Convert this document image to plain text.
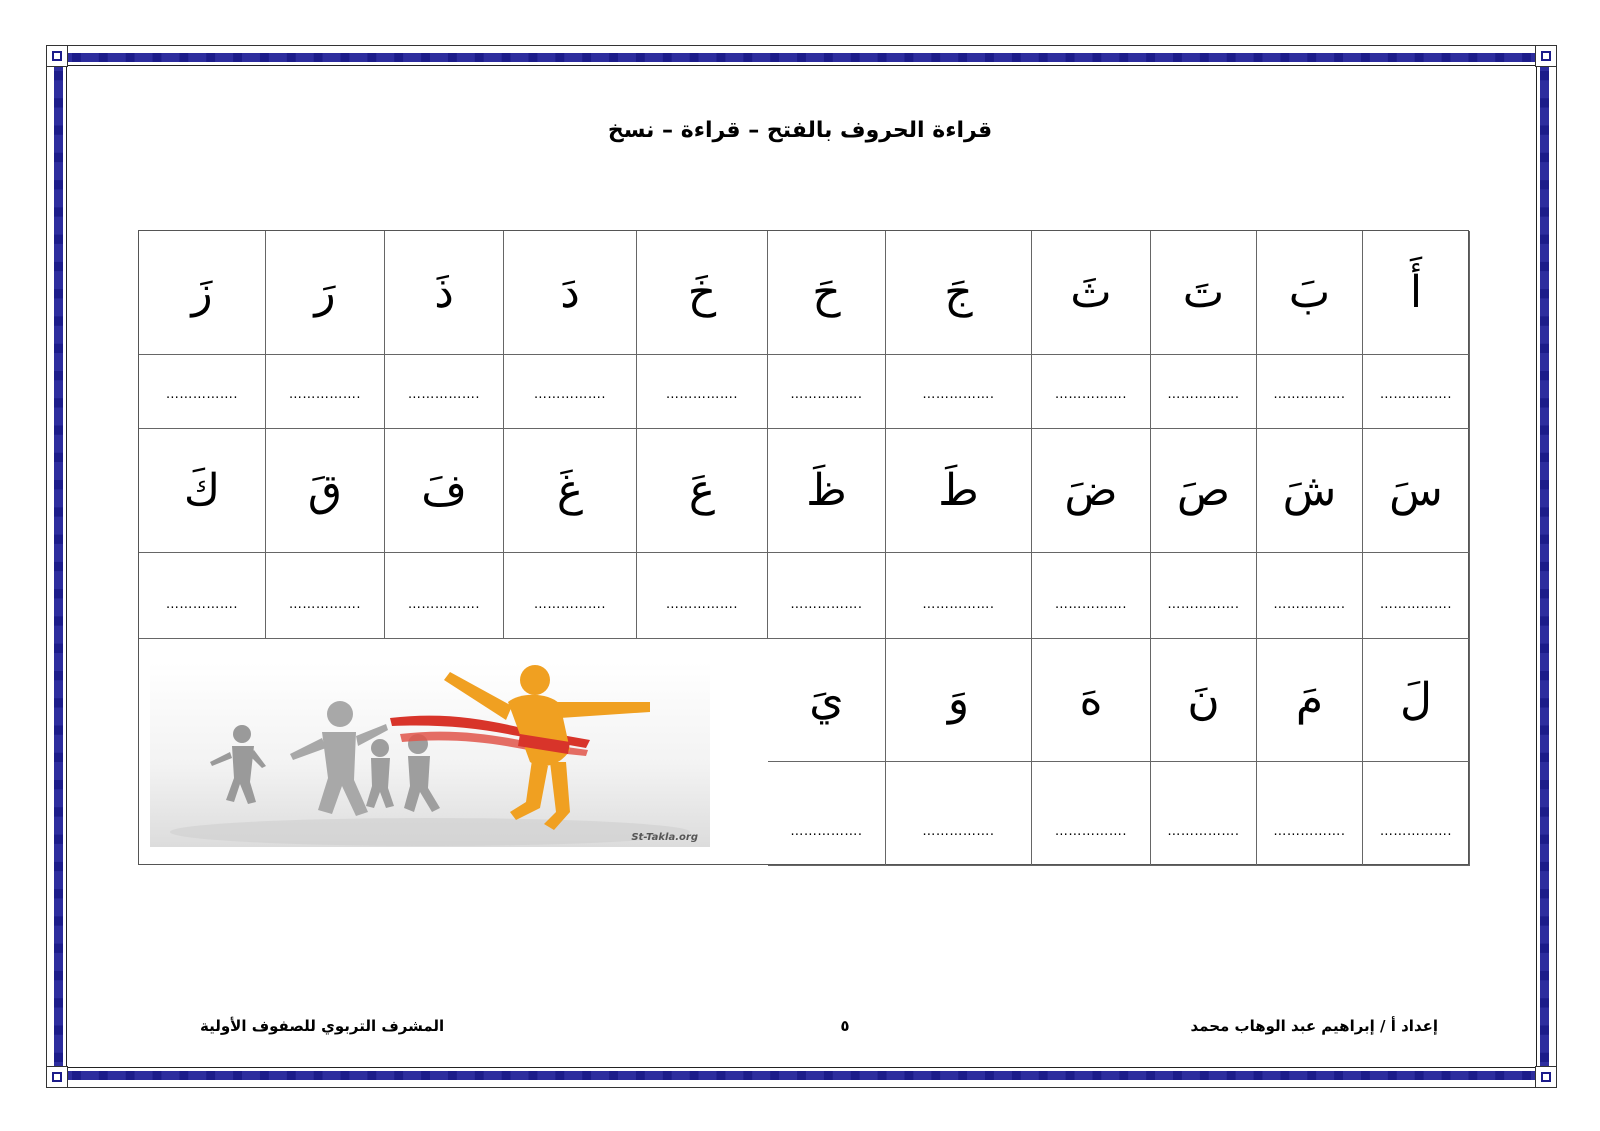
قراءة الحروف بالفتح – قراءة – نسخ
أَ
…………….
بَ
…………….
تَ
…………….
ثَ
…………….
جَ
…………….
حَ
…………….
خَ
…………….
دَ
…………….
ذَ
…………….
رَ
…………….
زَ
…………….
سَ
…………….
شَ
…………….
صَ
…………….
ضَ
…………….
طَ
…………….
ظَ
…………….
عَ
…………….
غَ
…………….
فَ
…………….
قَ
…………….
كَ
…………….
لَ
…………….
مَ
…………….
نَ
…………….
هَ
…………….
وَ
…………….
يَ
…………….
St-Takla.org
إعداد أ / إبراهيم عبد الوهاب محمد
٥
المشرف التربوي للصفوف الأولية
